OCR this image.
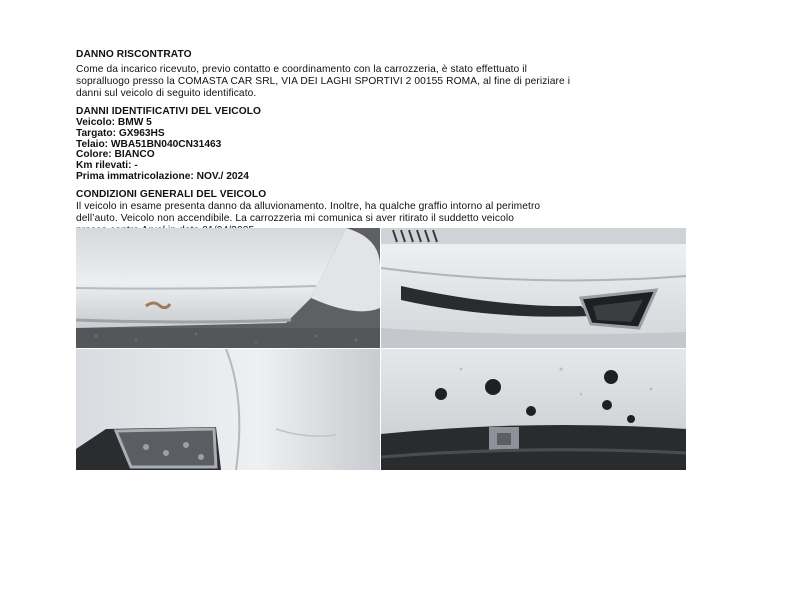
DANNO RISCONTRATO

Come da incarico ricevuto, previo contatto e coordinamento con la carrozzeria, è stato effettuato il

sopralluogo presso la COMASTA CAR SRL, VIA DEI LAGHI SPORTIVI 2 00155 ROMA, al fine di periziare i

danni sul veicolo di seguito identificato.

DANNI IDENTIFICATIVI DEL VEICOLO

Veicolo: BMW 5

Targato: GX963HS

Telaio: WBA51BN040CN31463

Colore: BIANCO

Km rilevati: -

Prima immatricolazione: NOV./ 2024

CONDIZIONI GENERALI DEL VEICOLO

Il veicolo in esame presenta danno da alluvionamento. Inoltre, ha qualche graffio intorno al perimetro

dell’auto. Veicolo non accendibile. La carrozzeria mi comunica si aver ritirato il suddetto veicolo
